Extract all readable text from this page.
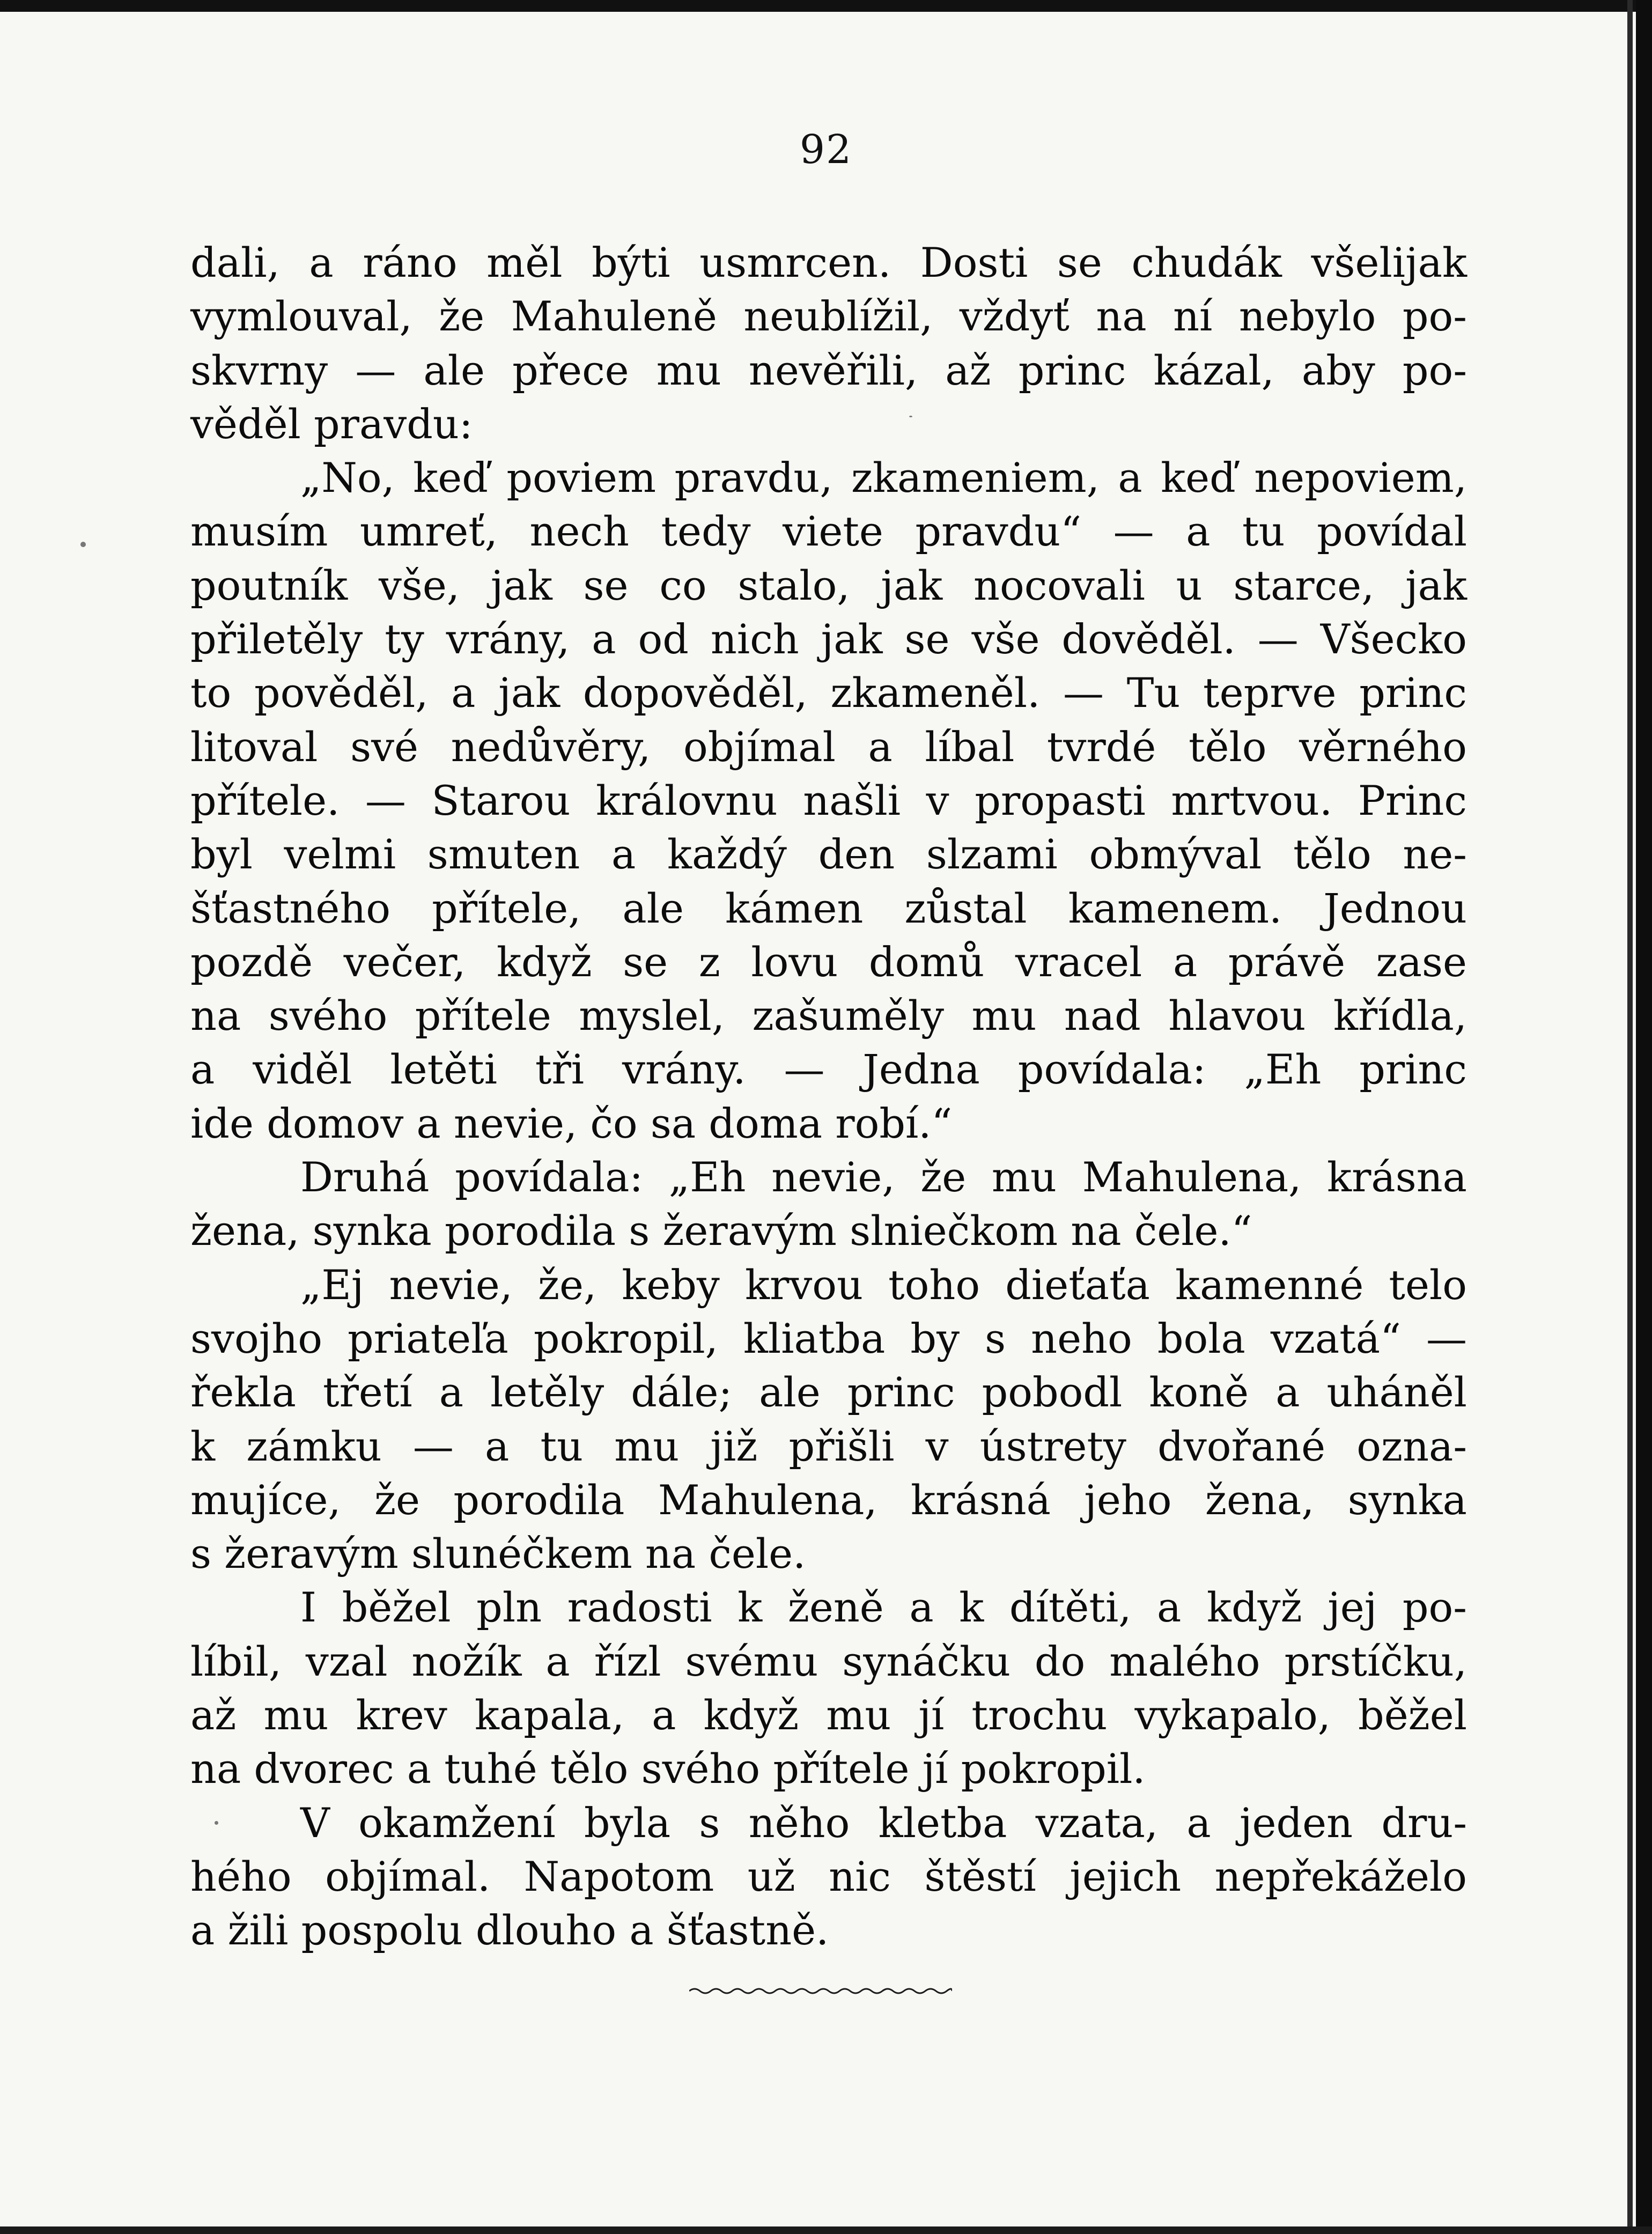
92
dali, a ráno měl býti usmrcen. Dosti se chudák všelijak
vymlouval, že Mahuleně neublížil, vždyť na ní nebylo po-
skvrny — ale přece mu nevěřili, až princ kázal, aby po-
věděl pravdu:
„No, keď poviem pravdu, zkameniem, a keď nepoviem,
musím umreť, nech tedy viete pravdu“ — a tu povídal
poutník vše, jak se co stalo, jak nocovali u starce, jak
přiletěly ty vrány, a od nich jak se vše dověděl. — Všecko
to pověděl, a jak dopověděl, zkameněl. — Tu teprve princ
litoval své nedůvěry, objímal a líbal tvrdé tělo věrného
přítele. — Starou královnu našli v propasti mrtvou. Princ
byl velmi smuten a každý den slzami obmýval tělo ne-
šťastného přítele, ale kámen zůstal kamenem. Jednou
pozdě večer, když se z lovu domů vracel a právě zase
na svého přítele myslel, zašuměly mu nad hlavou křídla,
a viděl letěti tři vrány. — Jedna povídala: „Eh princ
ide domov a nevie, čo sa doma robí.“
Druhá povídala: „Eh nevie, že mu Mahulena, krásna
žena, synka porodila s žeravým slniečkom na čele.“
„Ej nevie, že, keby krvou toho dieťaťa kamenné telo
svojho priateľa pokropil, kliatba by s neho bola vzatá“ —
řekla třetí a letěly dále; ale princ pobodl koně a uháněl
k zámku — a tu mu již přišli v ústrety dvořané ozna-
mujíce, že porodila Mahulena, krásná jeho žena, synka
s žeravým slunéčkem na čele.
I běžel pln radosti k ženě a k dítěti, a když jej po-
líbil, vzal nožík a řízl svému synáčku do malého prstíčku,
až mu krev kapala, a když mu jí trochu vykapalo, běžel
na dvorec a tuhé tělo svého přítele jí pokropil.
V okamžení byla s něho kletba vzata, a jeden dru-
hého objímal. Napotom už nic štěstí jejich nepřekáželo
a žili pospolu dlouho a šťastně.
